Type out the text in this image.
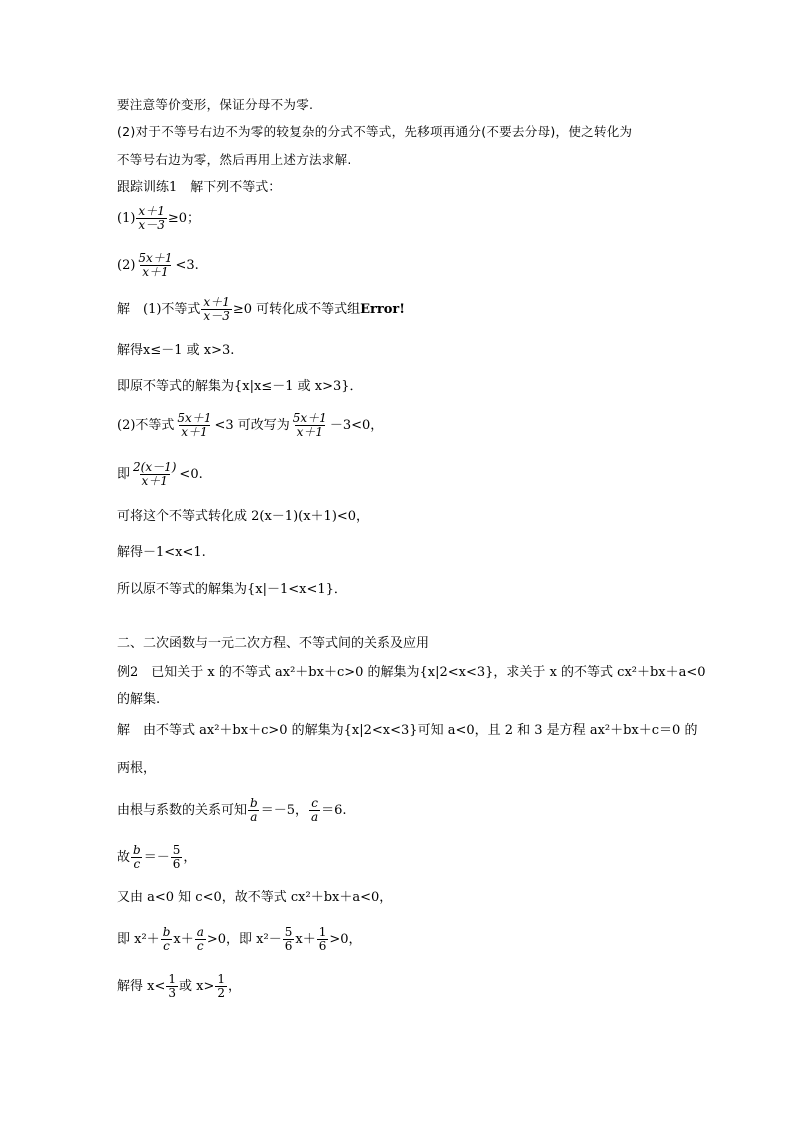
要注意等价变形，保证分母不为零.
(2)对于不等号右边不为零的较复杂的分式不等式，先移项再通分(不要去分母)，使之转化为
不等号右边为零，然后再用上述方法求解.
跟踪训练1　解下列不等式：
$(1) \frac{x+1}{x-3} \ge 0$；
$(2) \frac{5x+1}{x+1} <3$.
解　(1)不等式 $\frac{x+1}{x-3} \ge 0$ 可转化成不等式组 Error!
解得x≤－1 或 x>3.
即原不等式的解集为{x|x≤－1 或 x>3}．
(2)不等式 $\frac{5x+1}{x+1} <3$ 可改写为 $\frac{5x+1}{x+1} -3<0$，
即 $\frac{2(x-1)}{x+1} <0$.
可将这个不等式转化成 2(x－1)(x＋1)<0，
解得－1<x<1.
所以原不等式的解集为{x|－1<x<1}．
二、二次函数与一元二次方程、不等式间的关系及应用
例2　已知关于 x 的不等式 ax²＋bx＋c>0 的解集为{x|2<x<3}，求关于 x 的不等式 cx²＋bx＋a<0
的解集.
解　由不等式 ax²＋bx＋c>0 的解集为{x|2<x<3}可知 a<0，且 2 和 3 是方程 ax²＋bx＋c＝0 的
两根，
由根与系数的关系可知 $\frac{b}{a} =-5$， $\frac{c}{a} =6$.
故 $\frac{b}{c} =- \frac{5}{6}$ ，
又由 a<0 知 c<0，故不等式 cx²＋bx＋a<0，
即 $x^2+ \frac{b}{c} x+ \frac{a}{c} >0$，即 $x^2- \frac{5}{6} x+ \frac{1}{6} >0$，
解得 $x< \frac{1}{3}$ 或 $x> \frac{1}{2}$ ，
